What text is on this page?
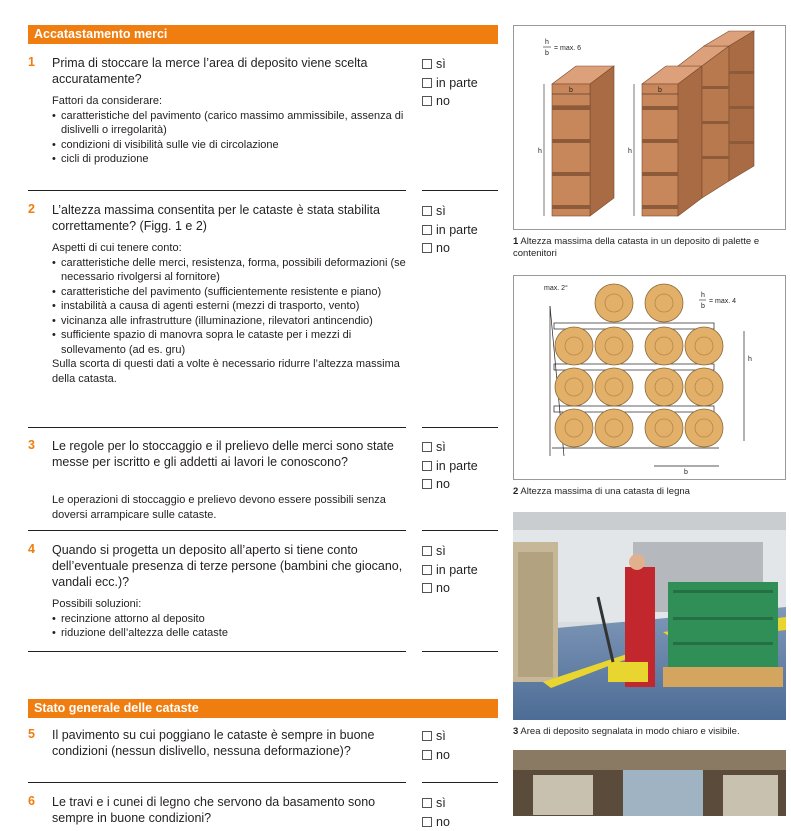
Accatastamento merci
1 Prima di stoccare la merce l’area di deposito viene scelta accuratamente?
Fattori da considerare:
• caratteristiche del pavimento (carico massimo ammissibile, assenza di dislivelli o irregolarità)
• condizioni di visibilità sulle vie di circolazione
• cicli di produzione
sì
in parte
no
2 L’altezza massima consentita per le cataste è stata stabilita correttamente? (Figg. 1 e 2)
Aspetti di cui tenere conto:
• caratteristiche delle merci, resistenza, forma, possibili deformazioni (se necessario rivolgersi al fornitore)
• caratteristiche del pavimento (sufficientemente resistente e piano)
• instabilità a causa di agenti esterni (mezzi di trasporto, vento)
• vicinanza alle infrastrutture (illuminazione, rilevatori antincendio)
• sufficiente spazio di manovra sopra le cataste per i mezzi di sollevamento (ad es. gru)
Sulla scorta di questi dati a volte è necessario ridurre l’altezza massima della catasta.
sì
in parte
no
3 Le regole per lo stoccaggio e il prelievo delle merci sono state messe per iscritto e gli addetti ai lavori le conoscono?
Le operazioni di stoccaggio e prelievo devono essere possibili senza doversi arrampicare sulle cataste.
sì
in parte
no
4 Quando si progetta un deposito all’aperto si tiene conto dell’eventuale presenza di terze persone (bambini che giocano, vandali ecc.)?
Possibili soluzioni:
• recinzione attorno al deposito
• riduzione dell’altezza delle cataste
sì
in parte
no
Stato generale delle cataste
5 Il pavimento su cui poggiano le cataste è sempre in buone condizioni (nessun dislivello, nessuna deformazione)?
sì
no
6 Le travi e i cunei di legno che servono da basamento sono sempre in buone condizioni?
sì
no
h
b
= max. 6
h
b
h
b
1 Altezza massima della catasta in un deposito di palette e contenitori
max. 2°
h
b
= max. 4
h
b
2 Altezza massima di una catasta di legna
3 Area di deposito segnalata in modo chiaro e visibile.
